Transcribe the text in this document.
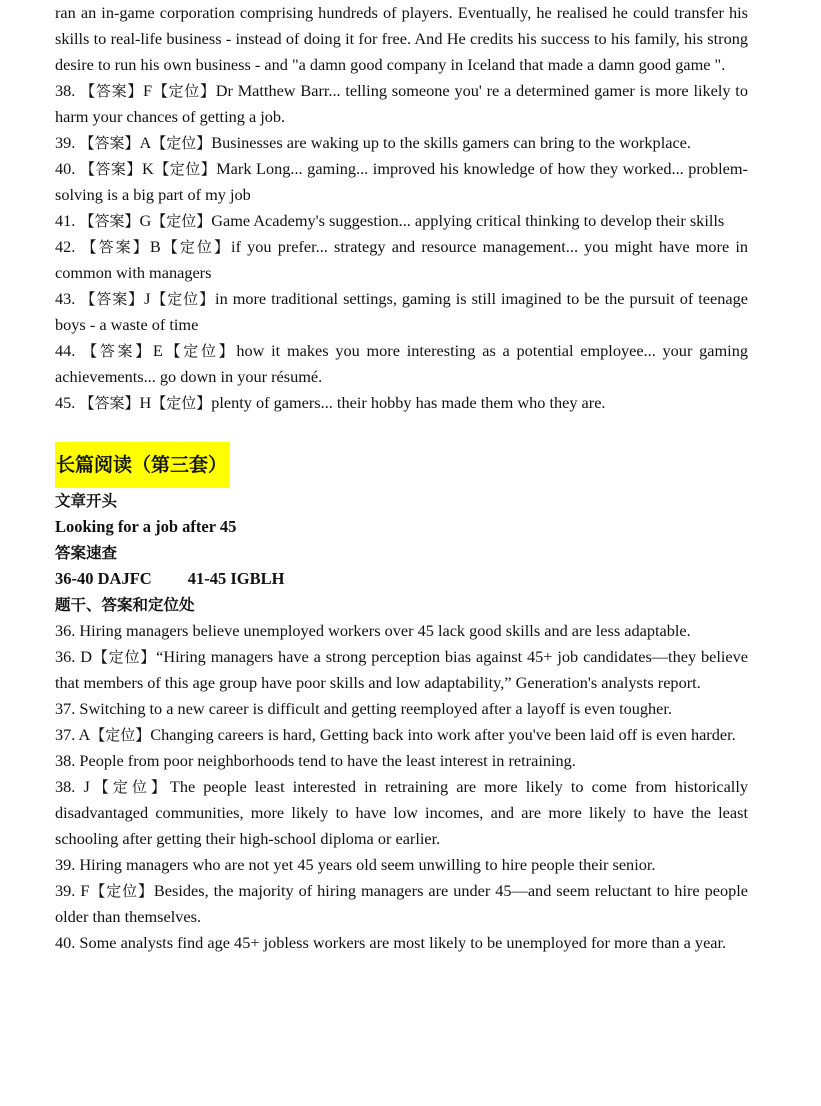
ran an in-game corporation comprising hundreds of players. Eventually, he realised he could transfer his skills to real-life business - instead of doing it for free. And He credits his success to his family, his strong desire to run his own business - and "a damn good company in Iceland that made a damn good game ".

38. 【答案】F【定位】Dr Matthew Barr... telling someone you' re a determined gamer is more likely to harm your chances of getting a job.

39. 【答案】A【定位】Businesses are waking up to the skills gamers can bring to the workplace.

40. 【答案】K【定位】Mark Long... gaming... improved his knowledge of how they worked... problem-solving is a big part of my job

41. 【答案】G【定位】Game Academy's suggestion... applying critical thinking to develop their skills

42. 【答案】B【定位】if you prefer... strategy and resource management... you might have more in common with managers

43. 【答案】J【定位】in more traditional settings, gaming is still imagined to be the pursuit of teenage boys - a waste of time

44. 【答案】E【定位】how it makes you more interesting as a potential employee... your gaming achievements... go down in your résumé.

45. 【答案】H【定位】plenty of gamers... their hobby has made them who they are.

长篇阅读（第三套）

文章开头

Looking for a job after 45

答案速查

36-40 DAJFC 41-45 IGBLH

题干、答案和定位处

36. Hiring managers believe unemployed workers over 45 lack good skills and are less adaptable.

36. D【定位】“Hiring managers have a strong perception bias against 45+ job candidates—they believe that members of this age group have poor skills and low adaptability,” Generation's analysts report.

37. Switching to a new career is difficult and getting reemployed after a layoff is even tougher.

37. A【定位】Changing careers is hard, Getting back into work after you've been laid off is even harder.

38. People from poor neighborhoods tend to have the least interest in retraining.

38. J【定位】The people least interested in retraining are more likely to come from historically disadvantaged communities, more likely to have low incomes, and are more likely to have the least schooling after getting their high-school diploma or earlier.

39. Hiring managers who are not yet 45 years old seem unwilling to hire people their senior.

39. F【定位】Besides, the majority of hiring managers are under 45—and seem reluctant to hire people older than themselves.

40. Some analysts find age 45+ jobless workers are most likely to be unemployed for more than a year.
